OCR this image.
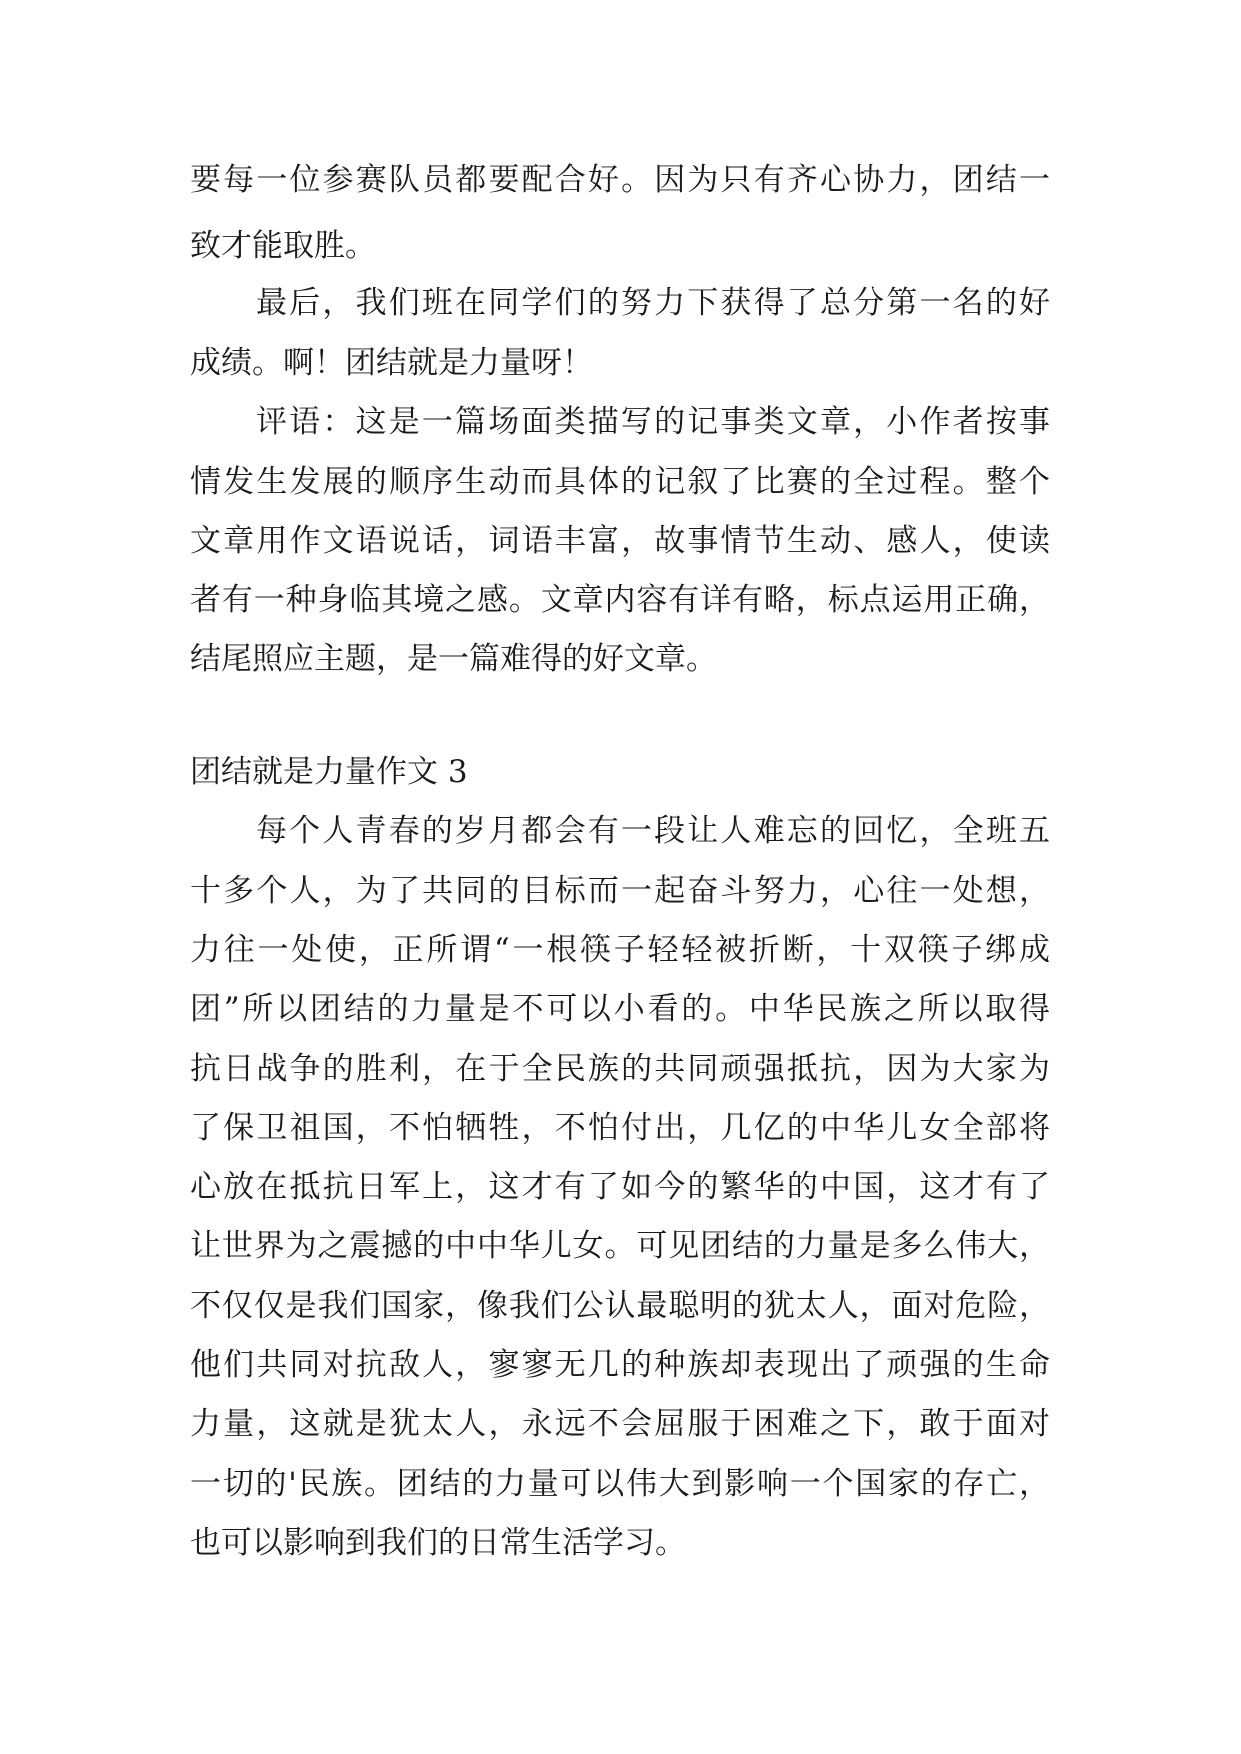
要每一位参赛队员都要配合好。因为只有齐心协力，团结一
致才能取胜。
最后，我们班在同学们的努力下获得了总分第一名的好
成绩。啊！团结就是力量呀！
评语：这是一篇场面类描写的记事类文章，小作者按事
情发生发展的顺序生动而具体的记叙了比赛的全过程。整个
文章用作文语说话，词语丰富，故事情节生动、感人，使读
者有一种身临其境之感。文章内容有详有略，标点运用正确，
结尾照应主题，是一篇难得的好文章。
团结就是力量作文 3
每个人青春的岁月都会有一段让人难忘的回忆，全班五
十多个人，为了共同的目标而一起奋斗努力，心往一处想，
力往一处使，正所谓“一根筷子轻轻被折断，十双筷子绑成
团”所以团结的力量是不可以小看的。中华民族之所以取得
抗日战争的胜利，在于全民族的共同顽强抵抗，因为大家为
了保卫祖国，不怕牺牲，不怕付出，几亿的中华儿女全部将
心放在抵抗日军上，这才有了如今的繁华的中国，这才有了
让世界为之震撼的中中华儿女。可见团结的力量是多么伟大，
不仅仅是我们国家，像我们公认最聪明的犹太人，面对危险，
他们共同对抗敌人，寥寥无几的种族却表现出了顽强的生命
力量，这就是犹太人，永远不会屈服于困难之下，敢于面对
一切的'民族。团结的力量可以伟大到影响一个国家的存亡，
也可以影响到我们的日常生活学习。
